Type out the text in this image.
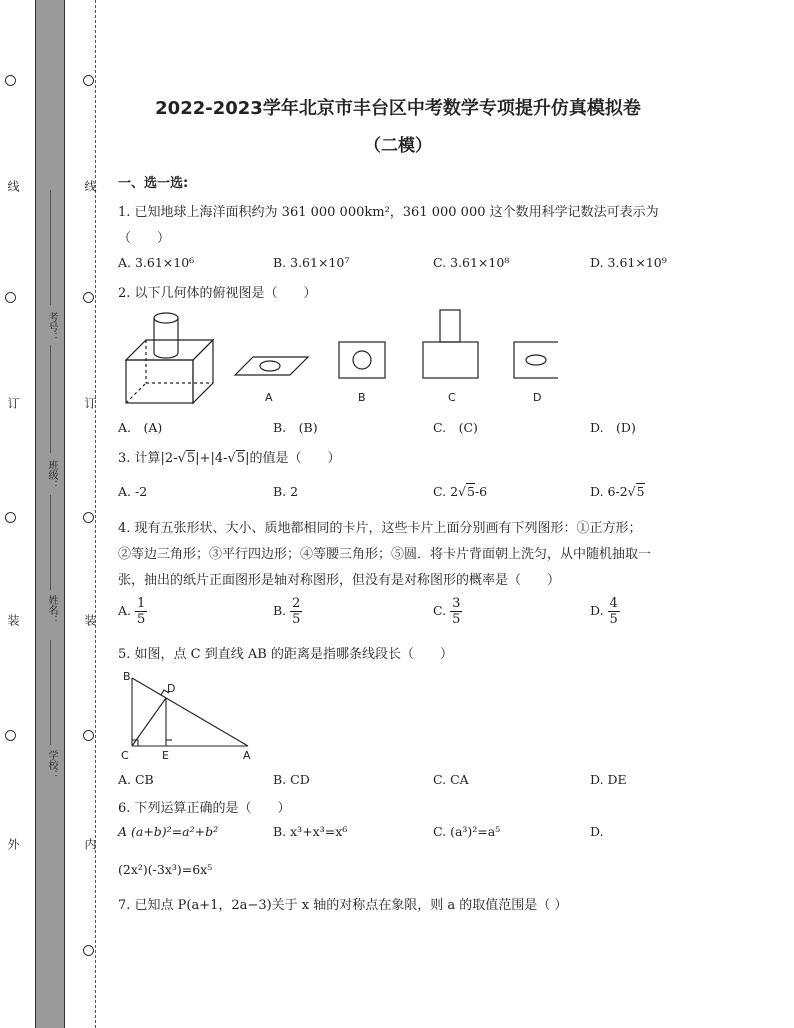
线
订
装
外
线
订
装
内
考号：
班级：
姓名：
学校：
2022-2023学年北京市丰台区中考数学专项提升仿真模拟卷
（二模）
一、选一选:
1. 已知地球上海洋面积约为 361 000 000km²，361 000 000 这个数用科学记数法可表示为
（　　）
A. 3.61×10⁶	B. 3.61×10⁷	C. 3.61×10⁸	D. 3.61×10⁹
2. 以下几何体的俯视图是（　　）
A	B	C	D
A.　(A)	B.　(B)	C.　(C)	D.　(D)
3. 计算|2-√5|+|4-√5|的值是（　　）
A. -2	B. 2	C. 2√5-6	D. 6-2√5
4. 现有五张形状、大小、质地都相同的卡片，这些卡片上面分别画有下列图形：①正方形；
②等边三角形；③平行四边形；④等腰三角形；⑤圆．将卡片背面朝上洗匀，从中随机抽取一
张，抽出的纸片正面图形是轴对称图形，但没有是对称图形的概率是（　　）
A. $\frac{1}{5}$	B. $\frac{2}{5}$	C. $\frac{3}{5}$	D. $\frac{4}{5}$
5. 如图，点 C 到直线 AB 的距离是指哪条线段长（　　）
B
D
C	E	A
A. CB	B. CD	C. CA	D. DE
6. 下列运算正确的是（　　）
A (a+b)²=a²+b²	B. x³+x³=x⁶	C. (a³)²=a⁵	D.
(2x²)(-3x³)=6x⁵
7. 已知点 P(a+1，2a−3)关于 x 轴的对称点在象限，则 a 的取值范围是（ ）
